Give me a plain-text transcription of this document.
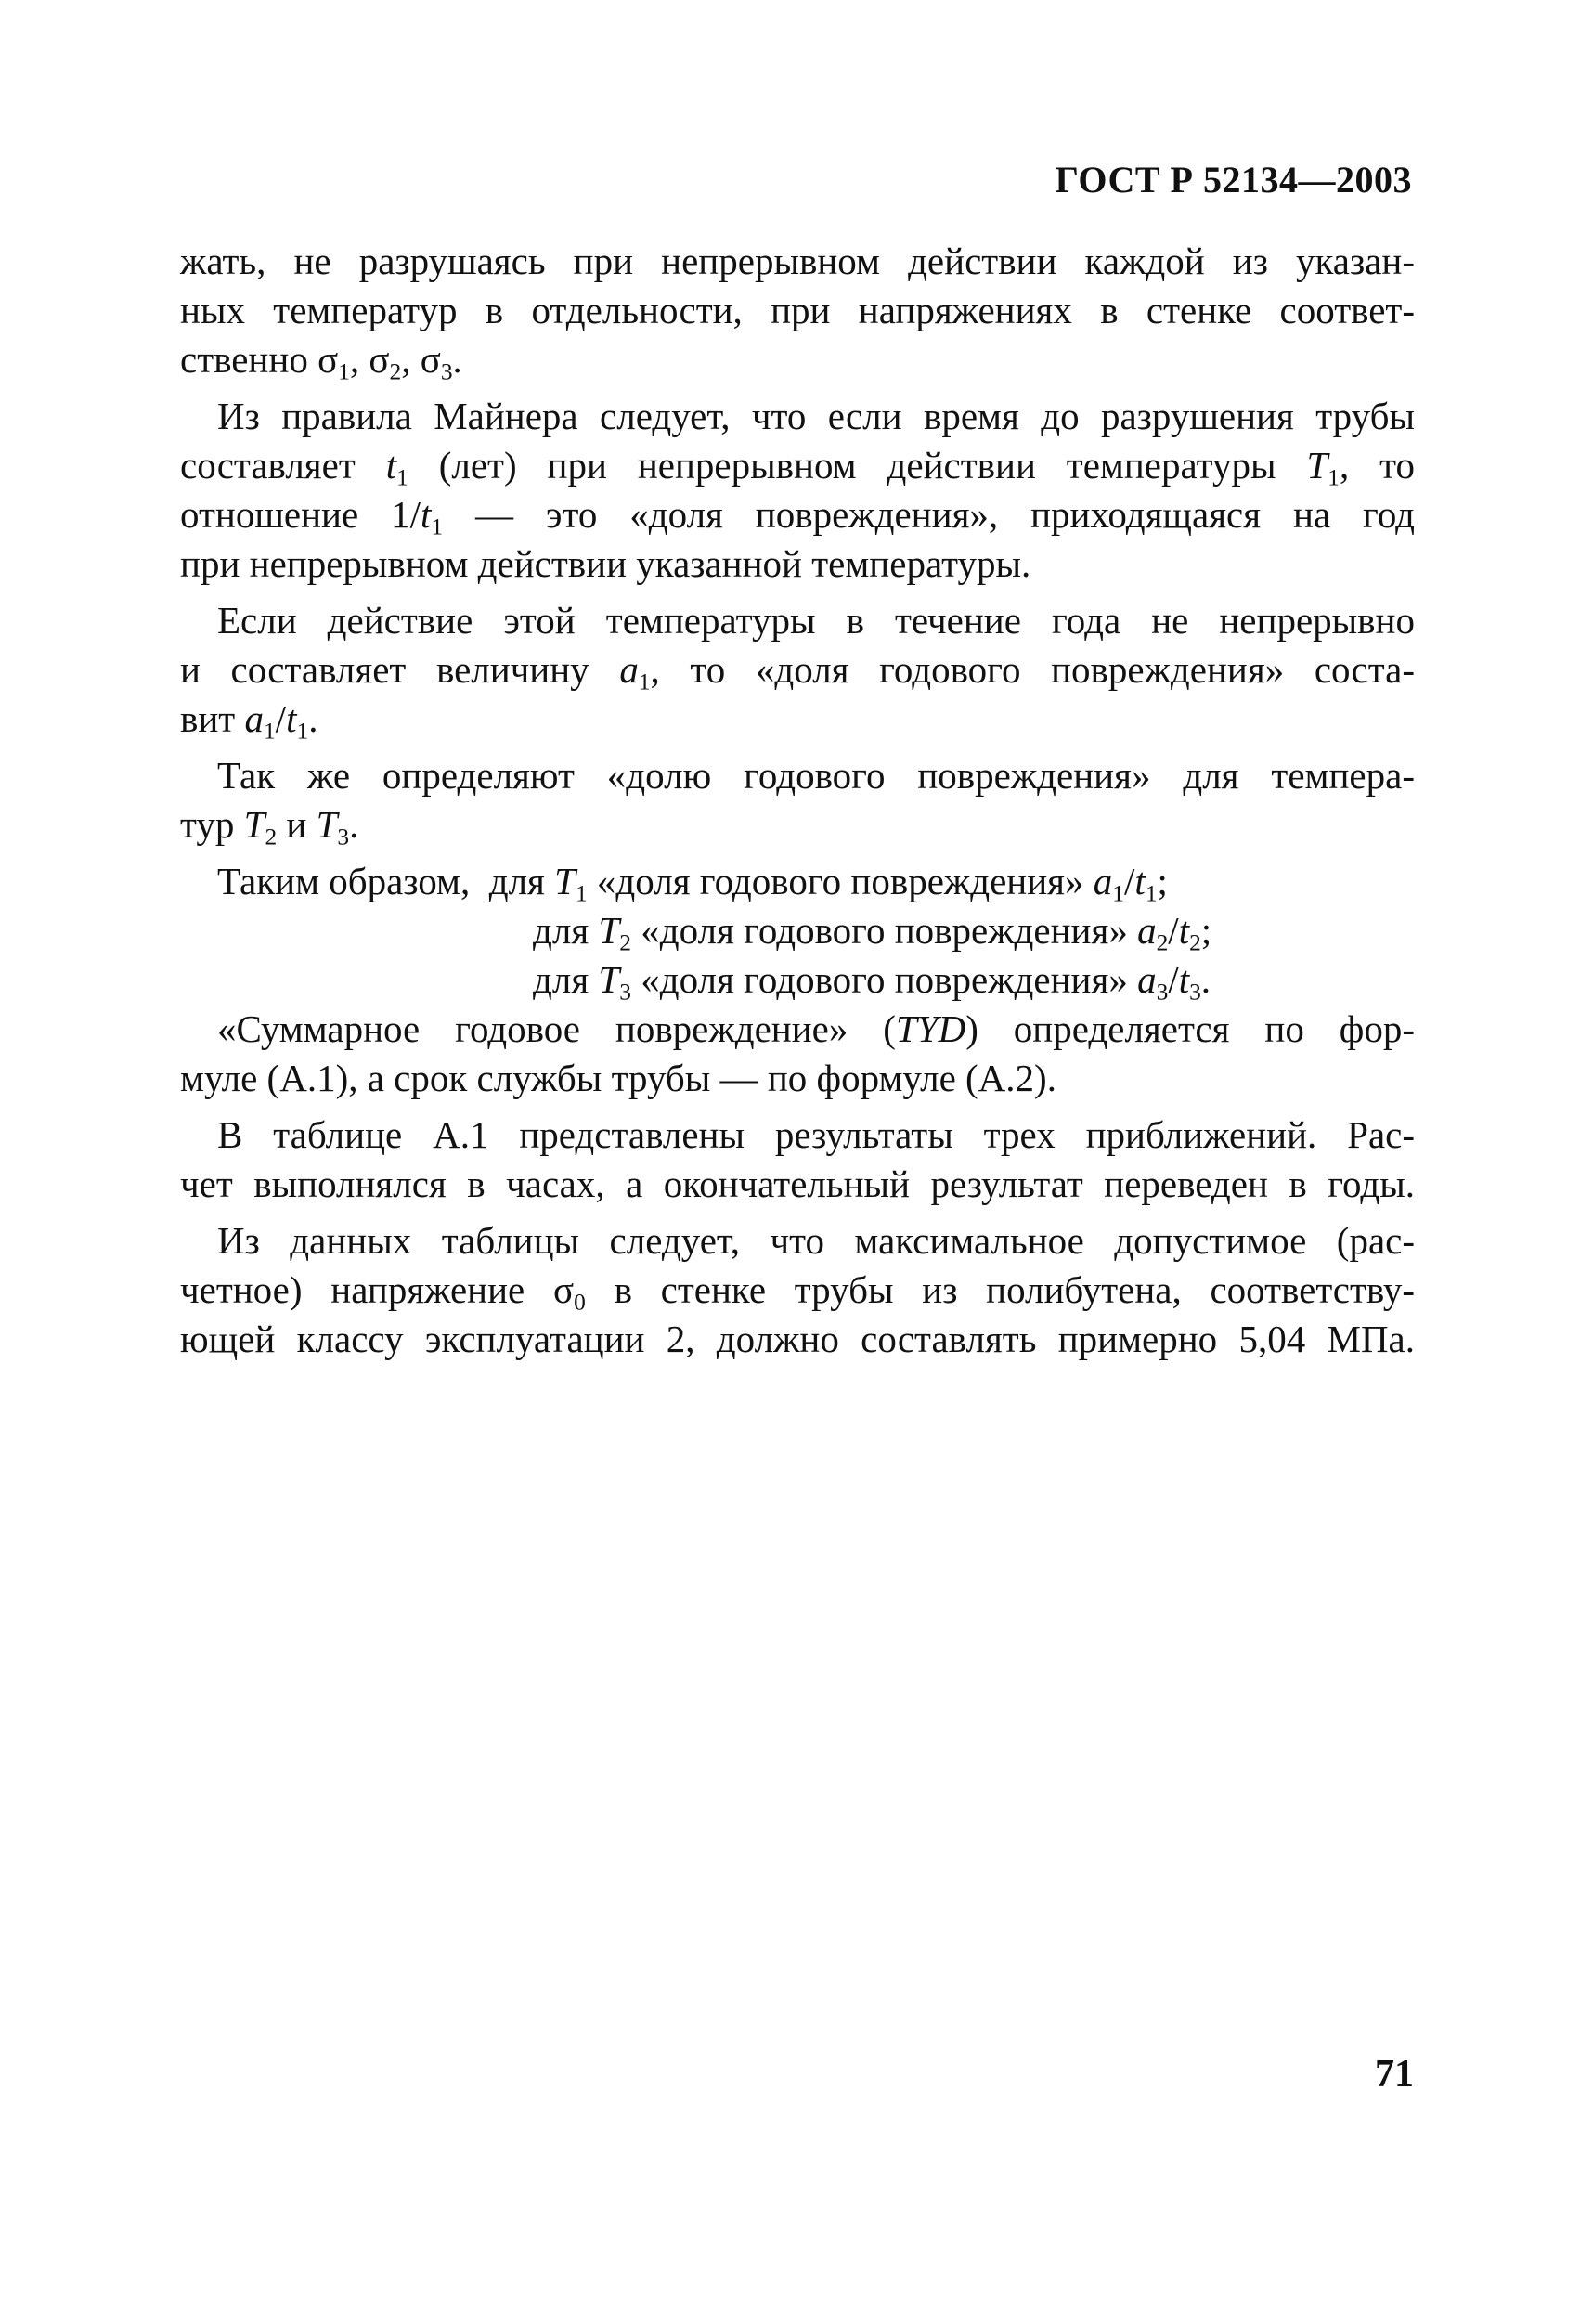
ГОСТ Р 52134—2003
жать, не разрушаясь при непрерывном действии каждой из указан-
ных температур в отдельности, при напряжениях в стенке соответ-
ственно $\sigma_1$, $\sigma_2$, $\sigma_3$.
Из правила Майнера следует, что если время до разрушения трубы
составляет $t_1$ (лет) при непрерывном действии температуры $T_1$, то
отношение $1/t_1$ — это «доля повреждения», приходящаяся на год
при непрерывном действии указанной температуры.
Если действие этой температуры в течение года не непрерывно
и составляет величину $a_1$, то «доля годового повреждения» соста-
вит $a_1/t_1$.
Так же определяют «долю годового повреждения» для темпера-
тур $T_2$ и $T_3$.
Таким образом, для $T_1$ «доля годового повреждения» $a_1/t_1$;
для $T_2$ «доля годового повреждения» $a_2/t_2$;
для $T_3$ «доля годового повреждения» $a_3/t_3$.
«Суммарное годовое повреждение» (TYD) определяется по фор-
муле (А.1), а срок службы трубы — по формуле (А.2).
В таблице А.1 представлены результаты трех приближений. Рас-
чет выполнялся в часах, а окончательный результат переведен в годы.
Из данных таблицы следует, что максимальное допустимое (рас-
четное) напряжение $\sigma_0$ в стенке трубы из полибутена, соответству-
ющей классу эксплуатации 2, должно составлять примерно 5,04 МПа.
71
